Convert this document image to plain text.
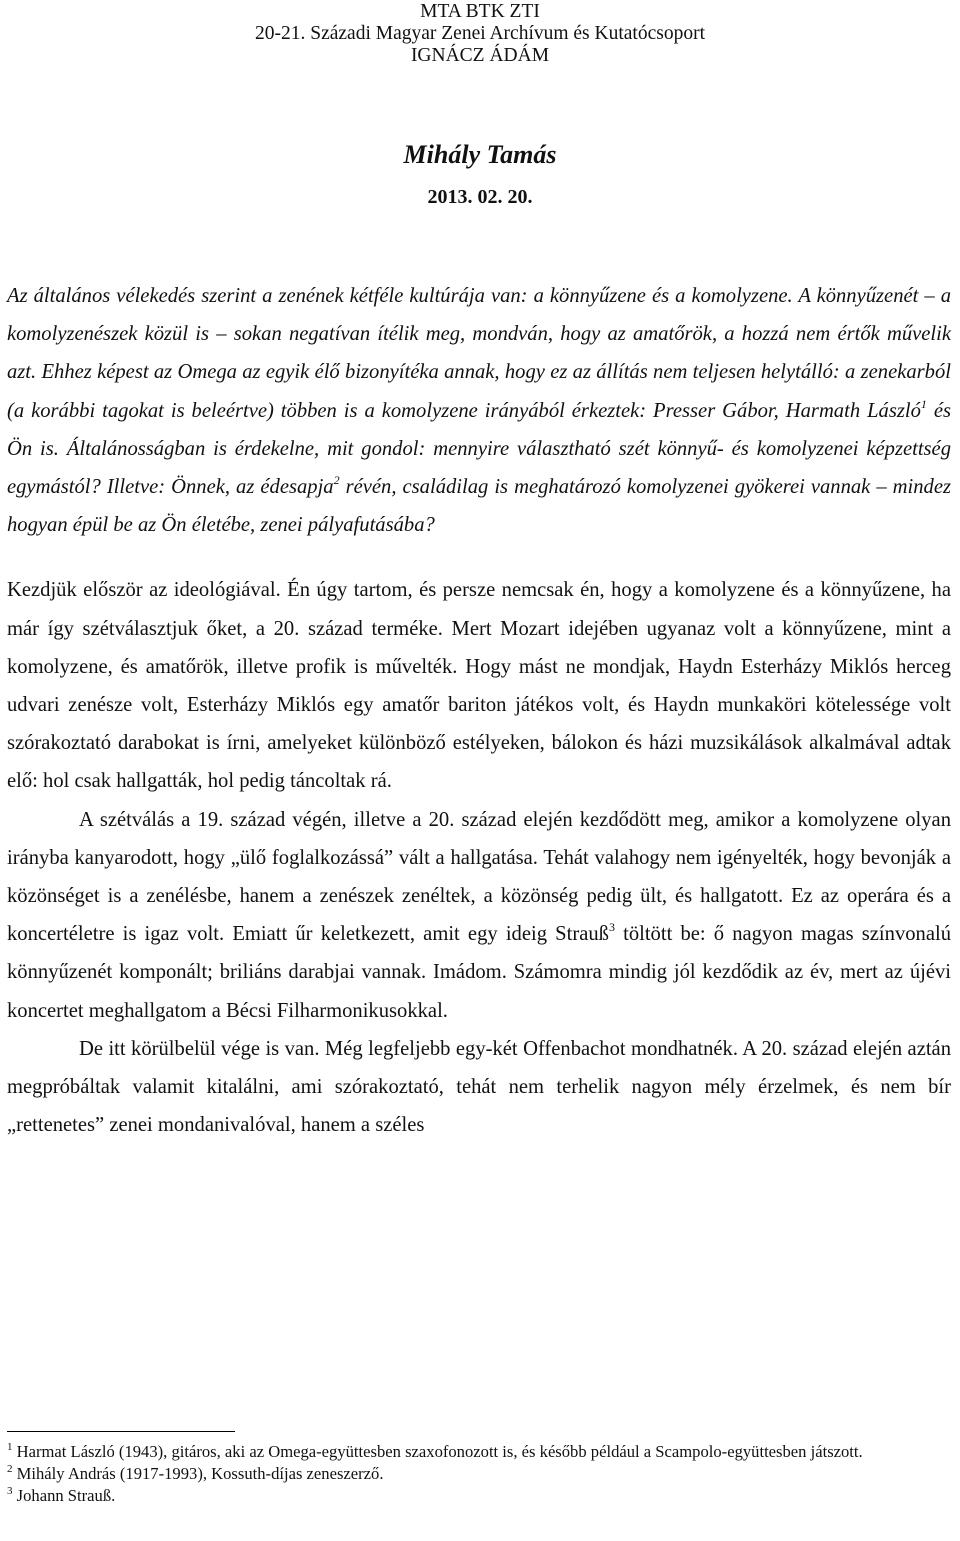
MTA BTK ZTI
20-21. Századi Magyar Zenei Archívum és Kutatócsoport
IGNÁCZ ÁDÁM
Mihály Tamás
2013. 02. 20.

Az általános vélekedés szerint a zenének kétféle kultúrája van: a könnyűzene és a komolyzene. A könnyűzenét – a komolyzenészek közül is – sokan negatívan ítélik meg, mondván, hogy az amatőrök, a hozzá nem értők művelik azt. Ehhez képest az Omega az egyik élő bizonyítéka annak, hogy ez az állítás nem teljesen helytálló: a zenekarból (a korábbi tagokat is beleértve) többen is a komolyzene irányából érkeztek: Presser Gábor, Harmath László$^1$ és Ön is. Általánosságban is érdekelne, mit gondol: mennyire választható szét könnyű- és komolyzenei képzettség egymástól? Illetve: Önnek, az édesapja$^2$ révén, családilag is meghatározó komolyzenei gyökerei vannak – mindez hogyan épül be az Ön életébe, zenei pályafutásába?

Kezdjük először az ideológiával. Én úgy tartom, és persze nemcsak én, hogy a komolyzene és a könnyűzene, ha már így szétválasztjuk őket, a 20. század terméke. Mert Mozart idejében ugyanaz volt a könnyűzene, mint a komolyzene, és amatőrök, illetve profik is művelték. Hogy mást ne mondjak, Haydn Esterházy Miklós herceg udvari zenésze volt, Esterházy Miklós egy amatőr bariton játékos volt, és Haydn munkaköri kötelessége volt szórakoztató darabokat is írni, amelyeket különböző estélyeken, bálokon és házi muzsikálások alkalmával adtak elő: hol csak hallgatták, hol pedig táncoltak rá.

A szétválás a 19. század végén, illetve a 20. század elején kezdődött meg, amikor a komolyzene olyan irányba kanyarodott, hogy „ülő foglalkozássá” vált a hallgatása. Tehát valahogy nem igényelték, hogy bevonják a közönséget is a zenélésbe, hanem a zenészek zenéltek, a közönség pedig ült, és hallgatott. Ez az operára és a koncertéletre is igaz volt. Emiatt űr keletkezett, amit egy ideig Strauß$^3$ töltött be: ő nagyon magas színvonalú könnyűzenét komponált; briliáns darabjai vannak. Imádom. Számomra mindig jól kezdődik az év, mert az újévi koncertet meghallgatom a Bécsi Filharmonikusokkal.

De itt körülbelül vége is van. Még legfeljebb egy-két Offenbachot mondhatnék. A 20. század elején aztán megpróbáltak valamit kitalálni, ami szórakoztató, tehát nem terhelik nagyon mély érzelmek, és nem bír „rettenetes” zenei mondanivalóval, hanem a széles

$^1$ Harmat László (1943), gitáros, aki az Omega-együttesben szaxofonozott is, és később például a Scampolo-együttesben játszott.

$^2$ Mihály András (1917-1993), Kossuth-díjas zeneszerző.

$^3$ Johann Strauß.
